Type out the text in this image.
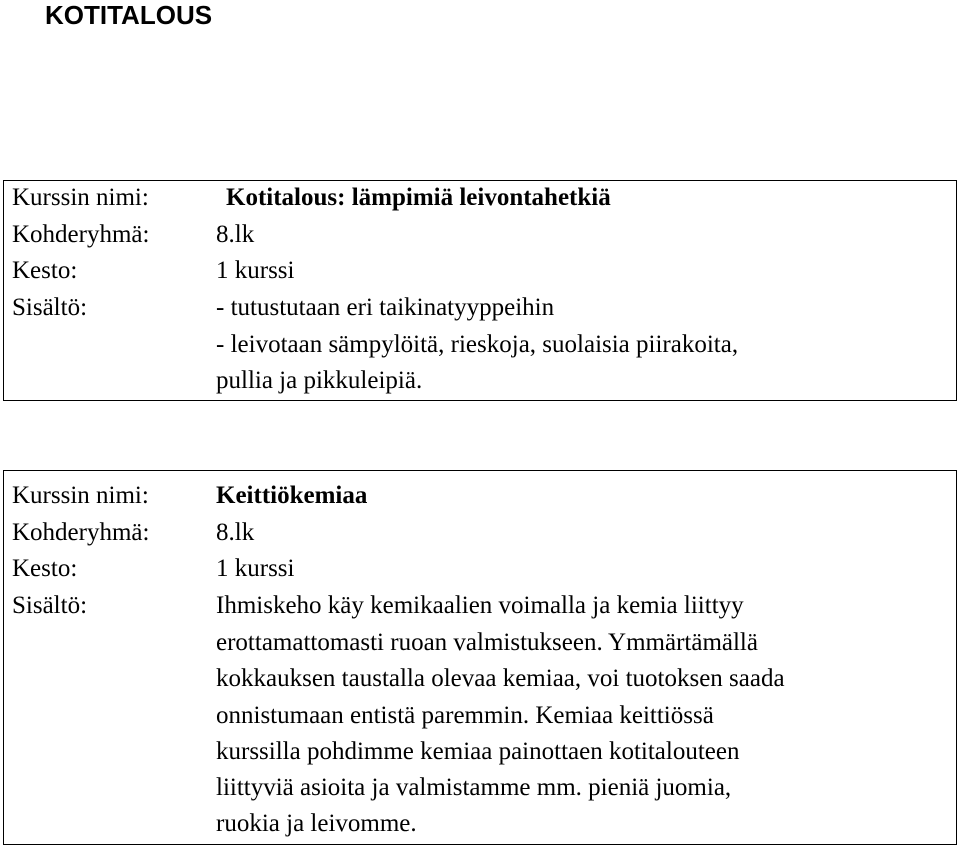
KOTITALOUS
Kurssin nimi:	Kotitalous: lämpimiä leivontahetkiä
Kohderyhmä:	8.lk
Kesto:	1 kurssi
Sisältö:	- tutustutaan eri taikinatyyppeihin
- leivotaan sämpylöitä, rieskoja, suolaisia piirakoita,
pullia ja pikkuleipiä.
Kurssin nimi:	Keittiökemiaa
Kohderyhmä:	8.lk
Kesto:	1 kurssi
Sisältö:	Ihmiskeho käy kemikaalien voimalla ja kemia liittyy
erottamattomasti ruoan valmistukseen. Ymmärtämällä
kokkauksen taustalla olevaa kemiaa, voi tuotoksen saada
onnistumaan entistä paremmin. Kemiaa keittiössä
kurssilla pohdimme kemiaa painottaen kotitalouteen
liittyviä asioita ja valmistamme mm. pieniä juomia,
ruokia ja leivomme.
